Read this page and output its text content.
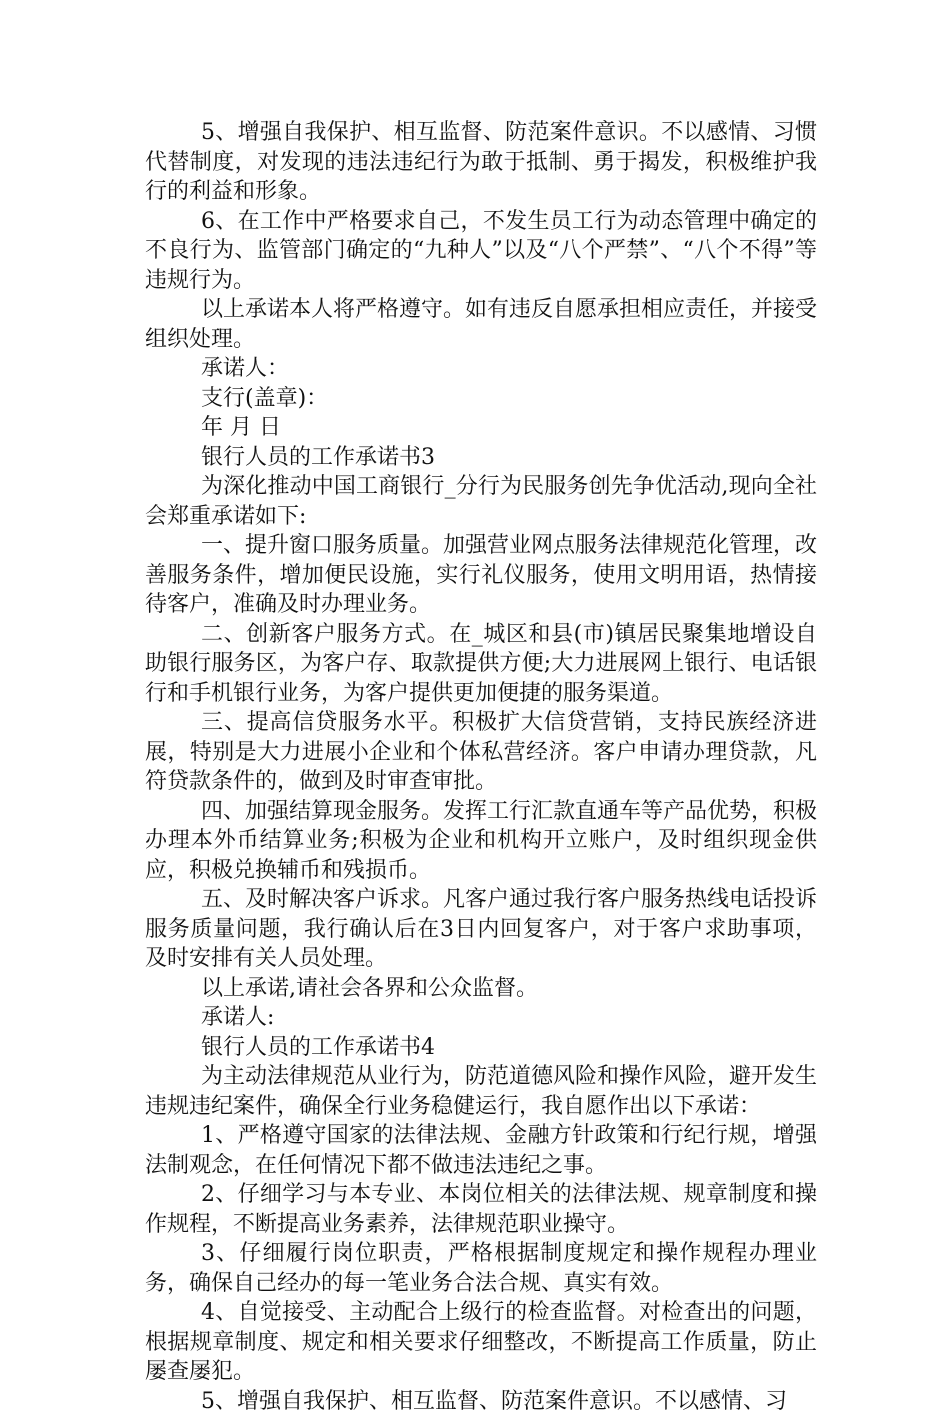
5、增强自我保护、相互监督、防范案件意识。不以感情、习惯代替制度，对发现的违法违纪行为敢于抵制、勇于揭发，积极维护我行的利益和形象。

6、在工作中严格要求自己，不发生员工行为动态管理中确定的不良行为、监管部门确定的“九种人”以及“八个严禁”、“八个不得”等违规行为。

以上承诺本人将严格遵守。如有违反自愿承担相应责任，并接受组织处理。

承诺人：

支行(盖章)：

年 月 日

银行人员的工作承诺书3

为深化推动中国工商银行_分行为民服务创先争优活动,现向全社会郑重承诺如下:

一、提升窗口服务质量。加强营业网点服务法律规范化管理，改善服务条件，增加便民设施，实行礼仪服务，使用文明用语，热情接待客户，准确及时办理业务。

二、创新客户服务方式。在_城区和县(市)镇居民聚集地增设自助银行服务区，为客户存、取款提供方便;大力进展网上银行、电话银行和手机银行业务，为客户提供更加便捷的服务渠道。

三、提高信贷服务水平。积极扩大信贷营销，支持民族经济进展，特别是大力进展小企业和个体私营经济。客户申请办理贷款，凡符贷款条件的，做到及时审查审批。

四、加强结算现金服务。发挥工行汇款直通车等产品优势，积极办理本外币结算业务;积极为企业和机构开立账户，及时组织现金供应，积极兑换辅币和残损币。

五、及时解决客户诉求。凡客户通过我行客户服务热线电话投诉服务质量问题，我行确认后在3日内回复客户，对于客户求助事项，及时安排有关人员处理。

以上承诺,请社会各界和公众监督。

承诺人:

银行人员的工作承诺书4

为主动法律规范从业行为，防范道德风险和操作风险，避开发生违规违纪案件，确保全行业务稳健运行，我自愿作出以下承诺：

1、严格遵守国家的法律法规、金融方针政策和行纪行规，增强法制观念，在任何情况下都不做违法违纪之事。

2、仔细学习与本专业、本岗位相关的法律法规、规章制度和操作规程，不断提高业务素养，法律规范职业操守。

3、仔细履行岗位职责，严格根据制度规定和操作规程办理业务，确保自己经办的每一笔业务合法合规、真实有效。

4、自觉接受、主动配合上级行的检查监督。对检查出的问题，根据规章制度、规定和相关要求仔细整改，不断提高工作质量，防止屡查屡犯。

5、增强自我保护、相互监督、防范案件意识。不以感情、习
